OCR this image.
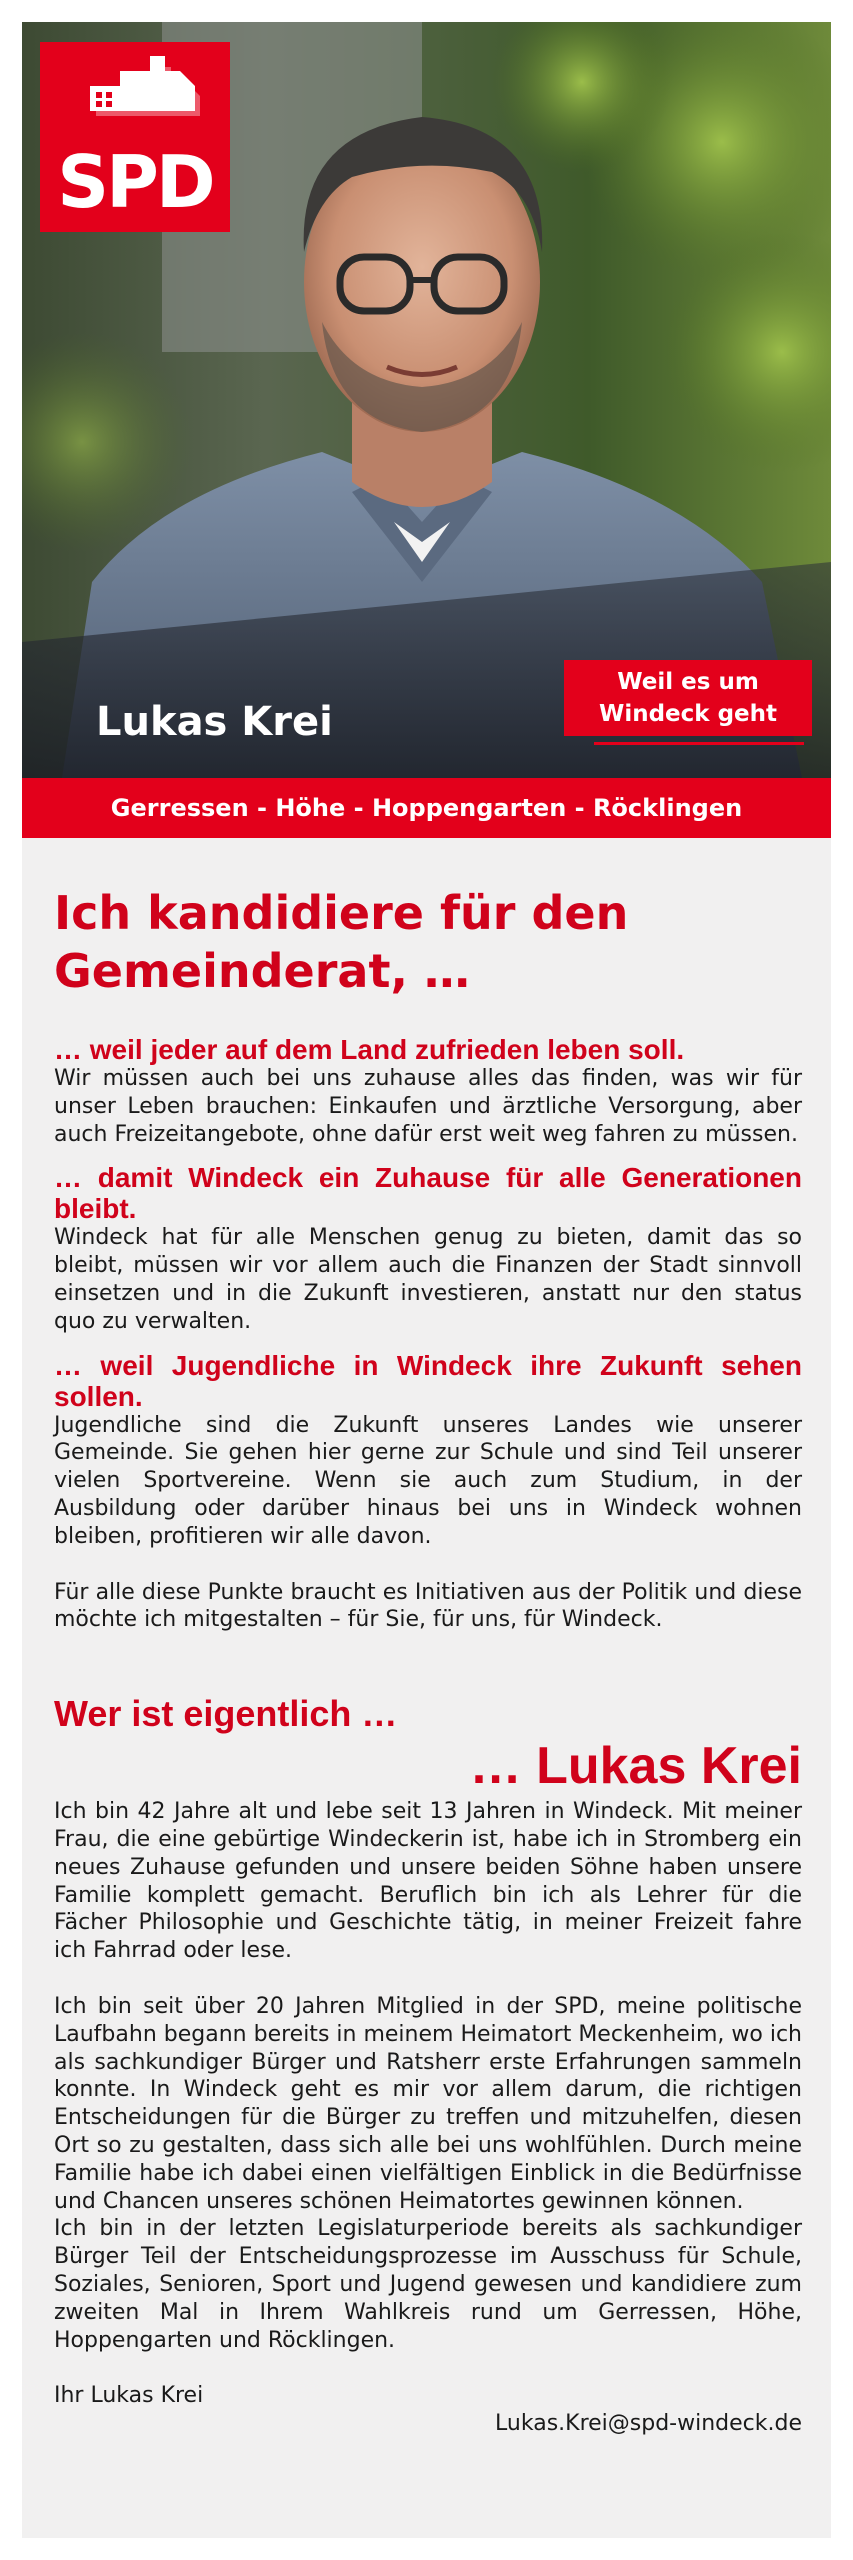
SPD
Lukas Krei
Weil es um
Windeck geht
Gerressen - Höhe - Hoppengarten - Röcklingen
Ich kandidiere für den
Gemeinderat, …
… weil jeder auf dem Land zufrieden leben soll.

Wir müssen auch bei uns zuhause alles das finden, was wir für unser Leben brauchen: Einkaufen und ärztliche Versorgung, aber auch Freizeitangebote, ohne dafür erst weit weg fahren zu müssen.

… damit Windeck ein Zuhause für alle Generationen bleibt.

Windeck hat für alle Menschen genug zu bieten, damit das so bleibt, müssen wir vor allem auch die Finanzen der Stadt sinnvoll einsetzen und in die Zukunft investieren, anstatt nur den status quo zu verwalten.

… weil Jugendliche in Windeck ihre Zukunft sehen sollen.

Jugendliche sind die Zukunft unseres Landes wie unserer Gemeinde. Sie gehen hier gerne zur Schule und sind Teil unserer vielen Sportvereine. Wenn sie auch zum Studium, in der Ausbildung oder darüber hinaus bei uns in Windeck wohnen bleiben, profitieren wir alle davon.

Für alle diese Punkte braucht es Initiativen aus der Politik und diese möchte ich mitgestalten – für Sie, für uns, für Windeck.

Wer ist eigentlich …
… Lukas Krei

Ich bin 42 Jahre alt und lebe seit 13 Jahren in Windeck. Mit meiner Frau, die eine gebürtige Windeckerin ist, habe ich in Stromberg ein neues Zuhause gefunden und unsere beiden Söhne haben unsere Familie komplett gemacht. Beruflich bin ich als Lehrer für die Fächer Philosophie und Geschichte tätig, in meiner Freizeit fahre ich Fahrrad oder lese.

Ich bin seit über 20 Jahren Mitglied in der SPD, meine politische Laufbahn begann bereits in meinem Heimatort Meckenheim, wo ich als sachkundiger Bürger und Ratsherr erste Erfahrungen sammeln konnte. In Windeck geht es mir vor allem darum, die richtigen Entscheidungen für die Bürger zu treffen und mitzuhelfen, diesen Ort so zu gestalten, dass sich alle bei uns wohlfühlen. Durch meine Familie habe ich dabei einen vielfältigen Einblick in die Bedürfnisse und Chancen unseres schönen Heimatortes gewinnen können.

Ich bin in der letzten Legislaturperiode bereits als sachkundiger Bürger Teil der Entscheidungsprozesse im Ausschuss für Schule, Soziales, Senioren, Sport und Jugend gewesen und kandidiere zum zweiten Mal in Ihrem Wahlkreis rund um Gerressen, Höhe, Hoppengarten und Röcklingen.

Ihr Lukas Krei

Lukas.Krei@spd-windeck.de
